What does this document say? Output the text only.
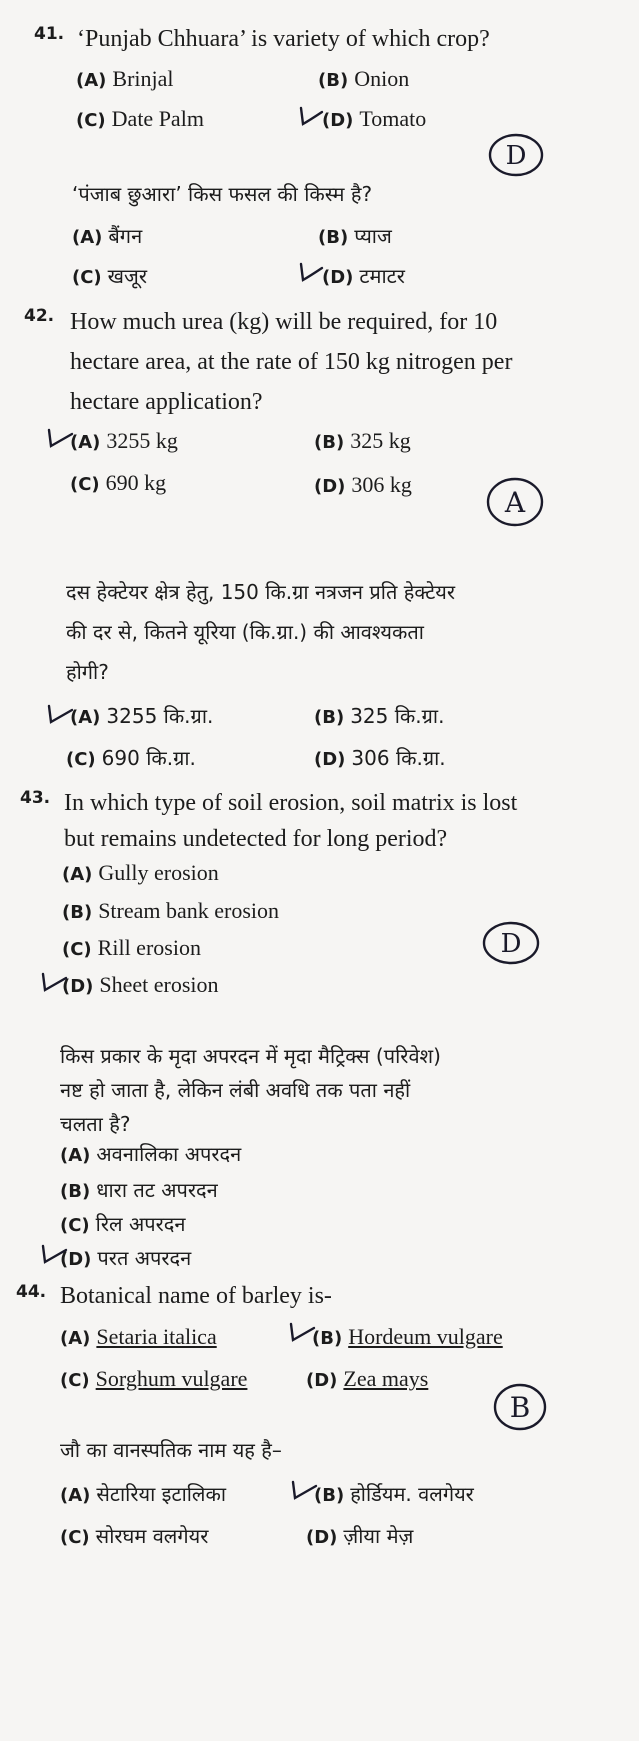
41. ‘Punjab Chhuara’ is variety of which crop?
(A) Brinjal	(B) Onion
(C) Date Palm	(D) Tomato
D
‘पंजाब छुआरा’ किस फसल की किस्म है?
(A) बैंगन	(B) प्याज
(C) खजूर	(D) टमाटर
42. How much urea (kg) will be required, for 10
hectare area, at the rate of 150 kg nitrogen per
hectare application?
(A) 3255 kg	(B) 325 kg
(C) 690 kg	(D) 306 kg
A
दस हेक्टेयर क्षेत्र हेतु, 150 कि.ग्रा नत्रजन प्रति हेक्टेयर
की दर से, कितने यूरिया (कि.ग्रा.) की आवश्यकता
होगी?
(A) 3255 कि.ग्रा.	(B) 325 कि.ग्रा.
(C) 690 कि.ग्रा.	(D) 306 कि.ग्रा.
43. In which type of soil erosion, soil matrix is lost
but remains undetected for long period?
(A) Gully erosion
(B) Stream bank erosion
(C) Rill erosion
(D) Sheet erosion
D
किस प्रकार के मृदा अपरदन में मृदा मैट्रिक्स (परिवेश)
नष्ट हो जाता है, लेकिन लंबी अवधि तक पता नहीं
चलता है?
(A) अवनालिका अपरदन
(B) धारा तट अपरदन
(C) रिल अपरदन
(D) परत अपरदन
44. Botanical name of barley is-
(A) Setaria italica	(B) Hordeum vulgare
(C) Sorghum vulgare	(D) Zea mays
B
जौ का वानस्पतिक नाम यह है–
(A) सेटारिया इटालिका	(B) होर्डियम. वलगेयर
(C) सोरघम वलगेयर	(D) ज़ीया मेज़
